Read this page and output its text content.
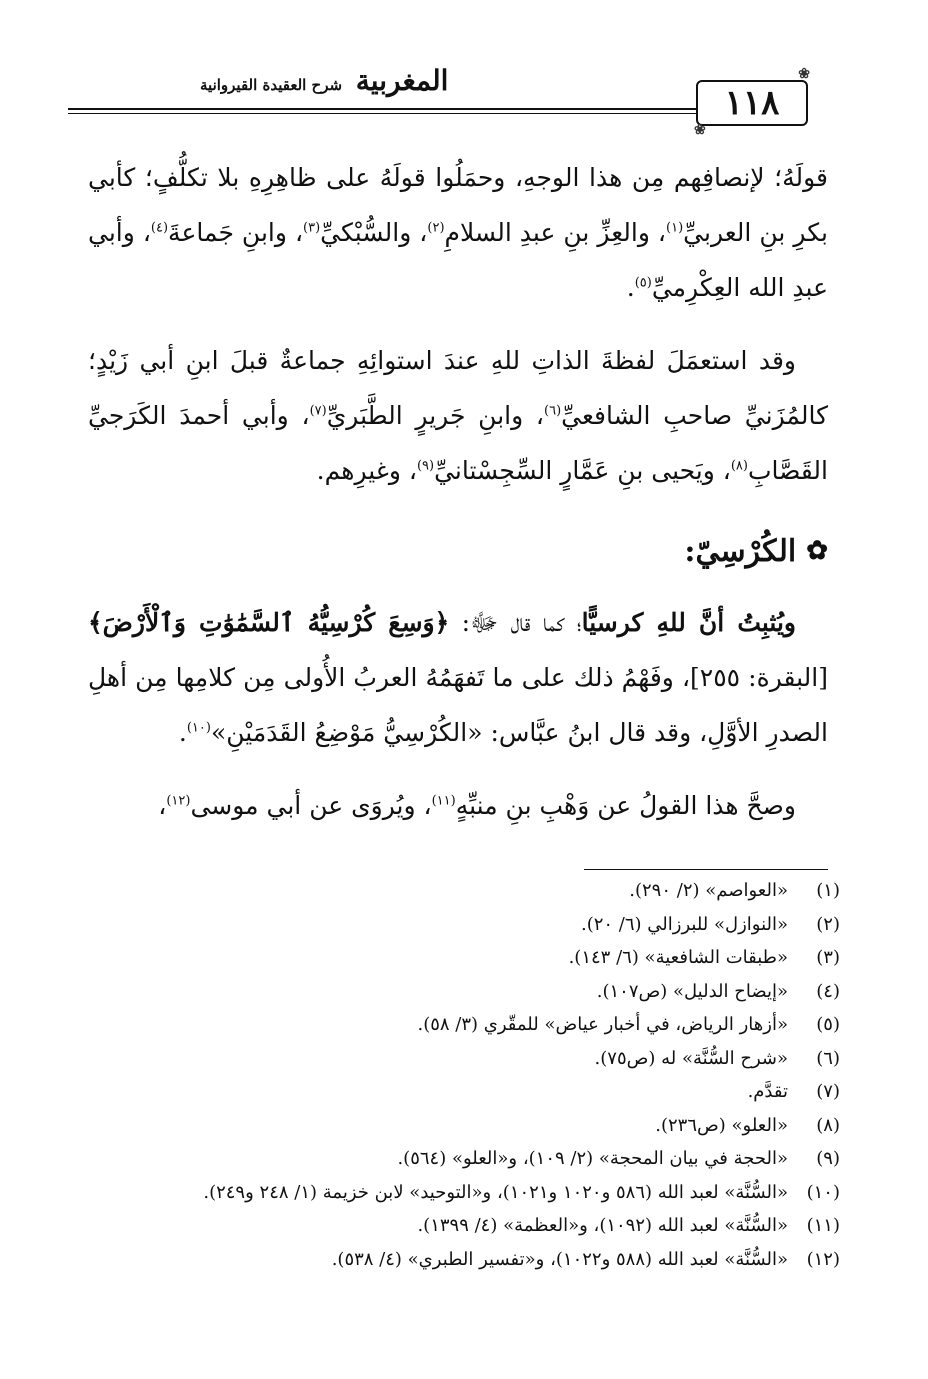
المغربية شرح العقيدة القيروانية
❀	١١٨ ❀

قولَهُ؛ لإنصافِهم مِن هذا الوجهِ، وحمَلُوا قولَهُ على ظاهِرِهِ بلا تكلُّفٍ؛ كأبي بكرِ بنِ العربيِّ$^{(١)}$، والعِزِّ بنِ عبدِ السلامِ$^{(٢)}$، والسُّبْكيِّ$^{(٣)}$، وابنِ جَماعةَ$^{(٤)}$، وأبي عبدِ الله العِكْرِميِّ$^{(٥)}$.

وقد استعمَلَ لفظةَ الذاتِ للهِ عندَ استوائِهِ جماعةٌ قبلَ ابنِ أبي زَيْدٍ؛ كالمُزَنيِّ صاحبِ الشافعيِّ$^{(٦)}$، وابنِ جَريرٍ الطَّبَريِّ$^{(٧)}$، وأبي أحمدَ الكَرَجيِّ القَصَّابِ$^{(٨)}$، ويَحيى بنِ عَمَّارٍ السِّجِسْتانيِّ$^{(٩)}$، وغيرِهم.

✿
الكُرْسِيّ:

ويُثبِتُ أنَّ للهِ كرسيًّا؛ كما قال ﷻ: ﴿وَسِعَ كُرْسِيُّهُ ٱلسَّمَٰوَٰتِ وَٱلْأَرْضَ﴾ [البقرة: ٢٥٥]، وفَهْمُ ذلك على ما تَفهَمُهُ العربُ الأُولى مِن كلامِها مِن أهلِ الصدرِ الأوَّلِ، وقد قال ابنُ عبَّاس: «الكُرْسِيُّ مَوْضِعُ القَدَمَيْنِ»$^{(١٠)}$.

وصحَّ هذا القولُ عن وَهْبِ بنِ منبِّهٍ$^{(١١)}$، ويُروَى عن أبي موسى$^{(١٢)}$،

(١)«العواصم» (٢/ ٢٩٠).
(٢)«النوازل» للبرزالي (٦/ ٢٠).
(٣)«طبقات الشافعية» (٦/ ١٤٣).
(٤)«إيضاح الدليل» (ص١٠٧).
(٥)«أزهار الرياض، في أخبار عياض» للمقّري (٣/ ٥٨).
(٦)«شرح السُّنَّة» له (ص٧٥).
(٧)تقدَّم.
(٨)«العلو» (ص٢٣٦).
(٩)«الحجة في بيان المحجة» (٢/ ١٠٩)، و«العلو» (٥٦٤).
(١٠)«السُّنَّة» لعبد الله (٥٨٦ و١٠٢٠ و١٠٢١)، و«التوحيد» لابن خزيمة (١/ ٢٤٨ و٢٤٩).
(١١)«السُّنَّة» لعبد الله (١٠٩٢)، و«العظمة» (٤/ ١٣٩٩).
(١٢)«السُّنَّة» لعبد الله (٥٨٨ و١٠٢٢)، و«تفسير الطبري» (٤/ ٥٣٨).
